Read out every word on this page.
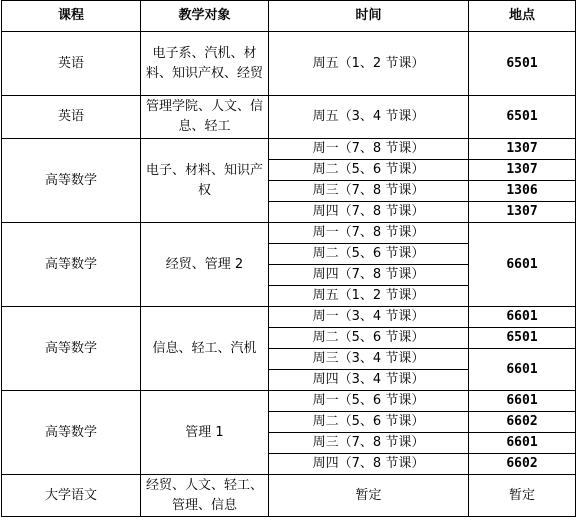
课程	教学对象	时间	地点
英语	电子系、汽机、材料、知识产权、经贸	周五（1、2 节课）	6501
英语	管理学院、人文、信息、轻工	周五（3、4 节课）	6501
高等数学	电子、材料、知识产权	周一（7、8 节课）	1307
		周二（5、6 节课）	1307
		周三（7、8 节课）	1306
		周四（7、8 节课）	1307
高等数学	经贸、管理 2	周一（7、8 节课）	6601
		周二（5、6 节课）	
		周四（7、8 节课）	
		周五（1、2 节课）	
高等数学	信息、轻工、汽机	周一（3、4 节课）	6601
		周二（5、6 节课）	6501
		周三（3、4 节课）	6601
		周四（3、4 节课）	
高等数学	管理 1	周一（5、6 节课）	6601
		周二（5、6 节课）	6602
		周三（7、8 节课）	6601
		周四（7、8 节课）	6602
大学语文	经贸、人文、轻工、管理、信息	暂定	暂定
